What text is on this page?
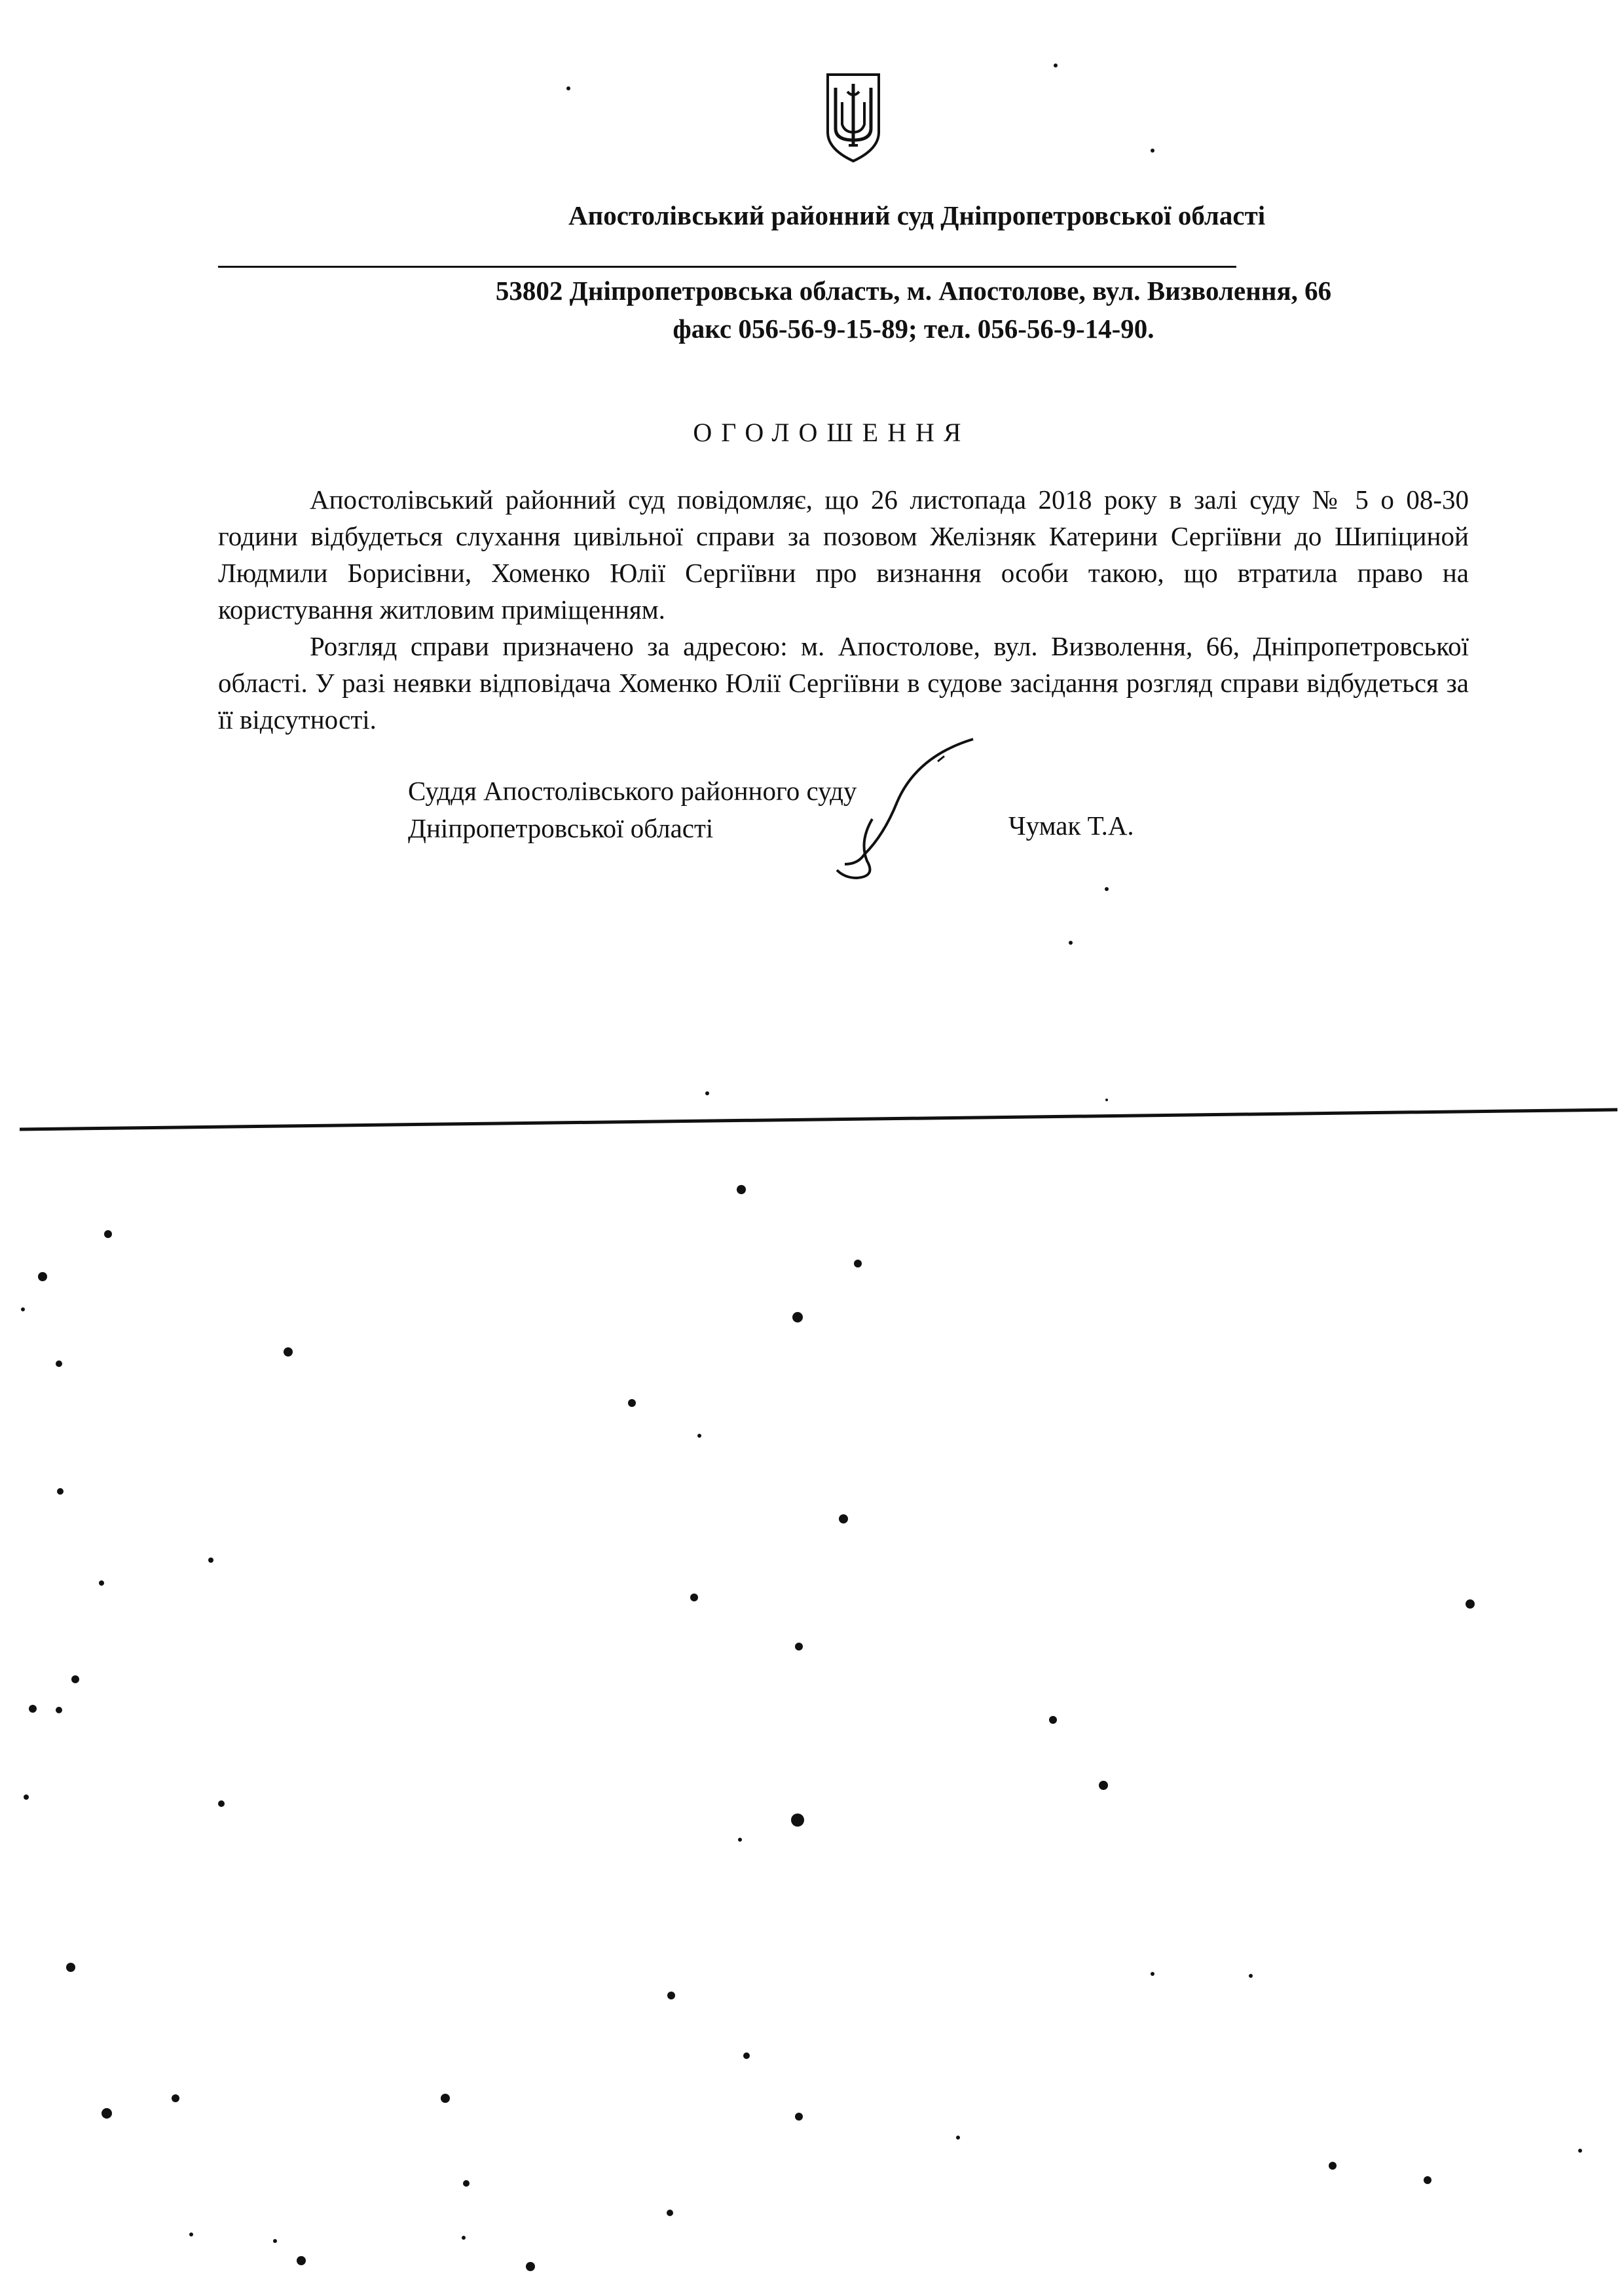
Апостолівський районний суд Дніпропетровської області
53802 Дніпропетровська область, м. Апостолове, вул. Визволення, 66
факс 056-56-9-15-89; тел. 056-56-9-14-90.
ОГОЛОШЕННЯ

Апостолівський районний суд повідомляє, що 26 листопада 2018 року в залі суду № 5 о 08-30 години відбудеться слухання цивільної справи за позовом Желізняк Катерини Сергіївни до Шипіциной Людмили Борисівни, Хоменко Юлії Сергіївни про визнання особи такою, що втратила право на користування житловим приміщенням.

Розгляд справи призначено за адресою: м. Апостолове, вул. Визволення, 66, Дніпропетровської області. У разі неявки відповідача Хоменко Юлії Сергіївни в судове засідання розгляд справи відбудеться за її відсутності.

Суддя Апостолівського районного суду
Дніпропетровської області	Чумак Т.А.
